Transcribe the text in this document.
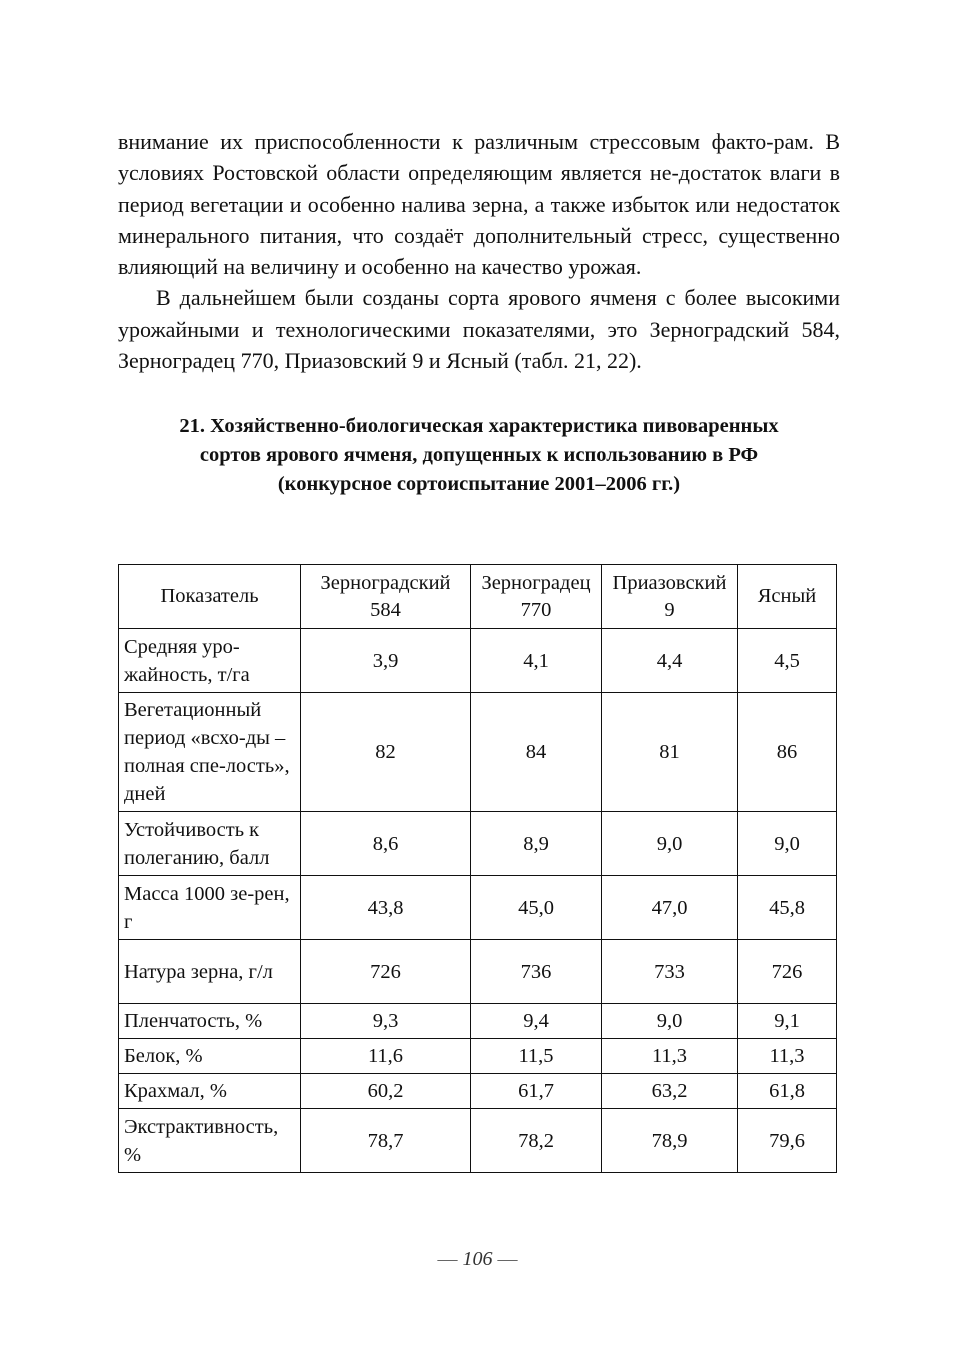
внимание их приспособленности к различным стрессовым факто-рам. В условиях Ростовской области определяющим является не-достаток влаги в период вегетации и особенно налива зерна, а также избыток или недостаток минерального питания, что создаёт дополнительный стресс, существенно влияющий на величину и особенно на качество урожая.

В дальнейшем были созданы сорта ярового ячменя с более высокими урожайными и технологическими показателями, это Зерноградский 584, Зерноградец 770, Приазовский 9 и Ясный (табл. 21, 22).

21. Хозяйственно-биологическая характеристика пивоваренных
сортов ярового ячменя, допущенных к использованию в РФ
(конкурсное сортоиспытание 2001–2006 гг.)
Показатель	Зерноградский 584	Зерноградец 770	Приазовский 9	Ясный
Средняя уро-жайность, т/га	3,9	4,1	4,4	4,5
Вегетационный период «всхо-ды – полная спе-лость», дней	82	84	81	86
Устойчивость к полеганию, балл	8,6	8,9	9,0	9,0
Масса 1000 зе-рен, г	43,8	45,0	47,0	45,8
Натура зерна, г/л	726	736	733	726
Пленчатость, %	9,3	9,4	9,0	9,1
Белок, %	11,6	11,5	11,3	11,3
Крахмал, %	60,2	61,7	63,2	61,8
Экстрактивность, %	78,7	78,2	78,9	79,6
— 106 —
